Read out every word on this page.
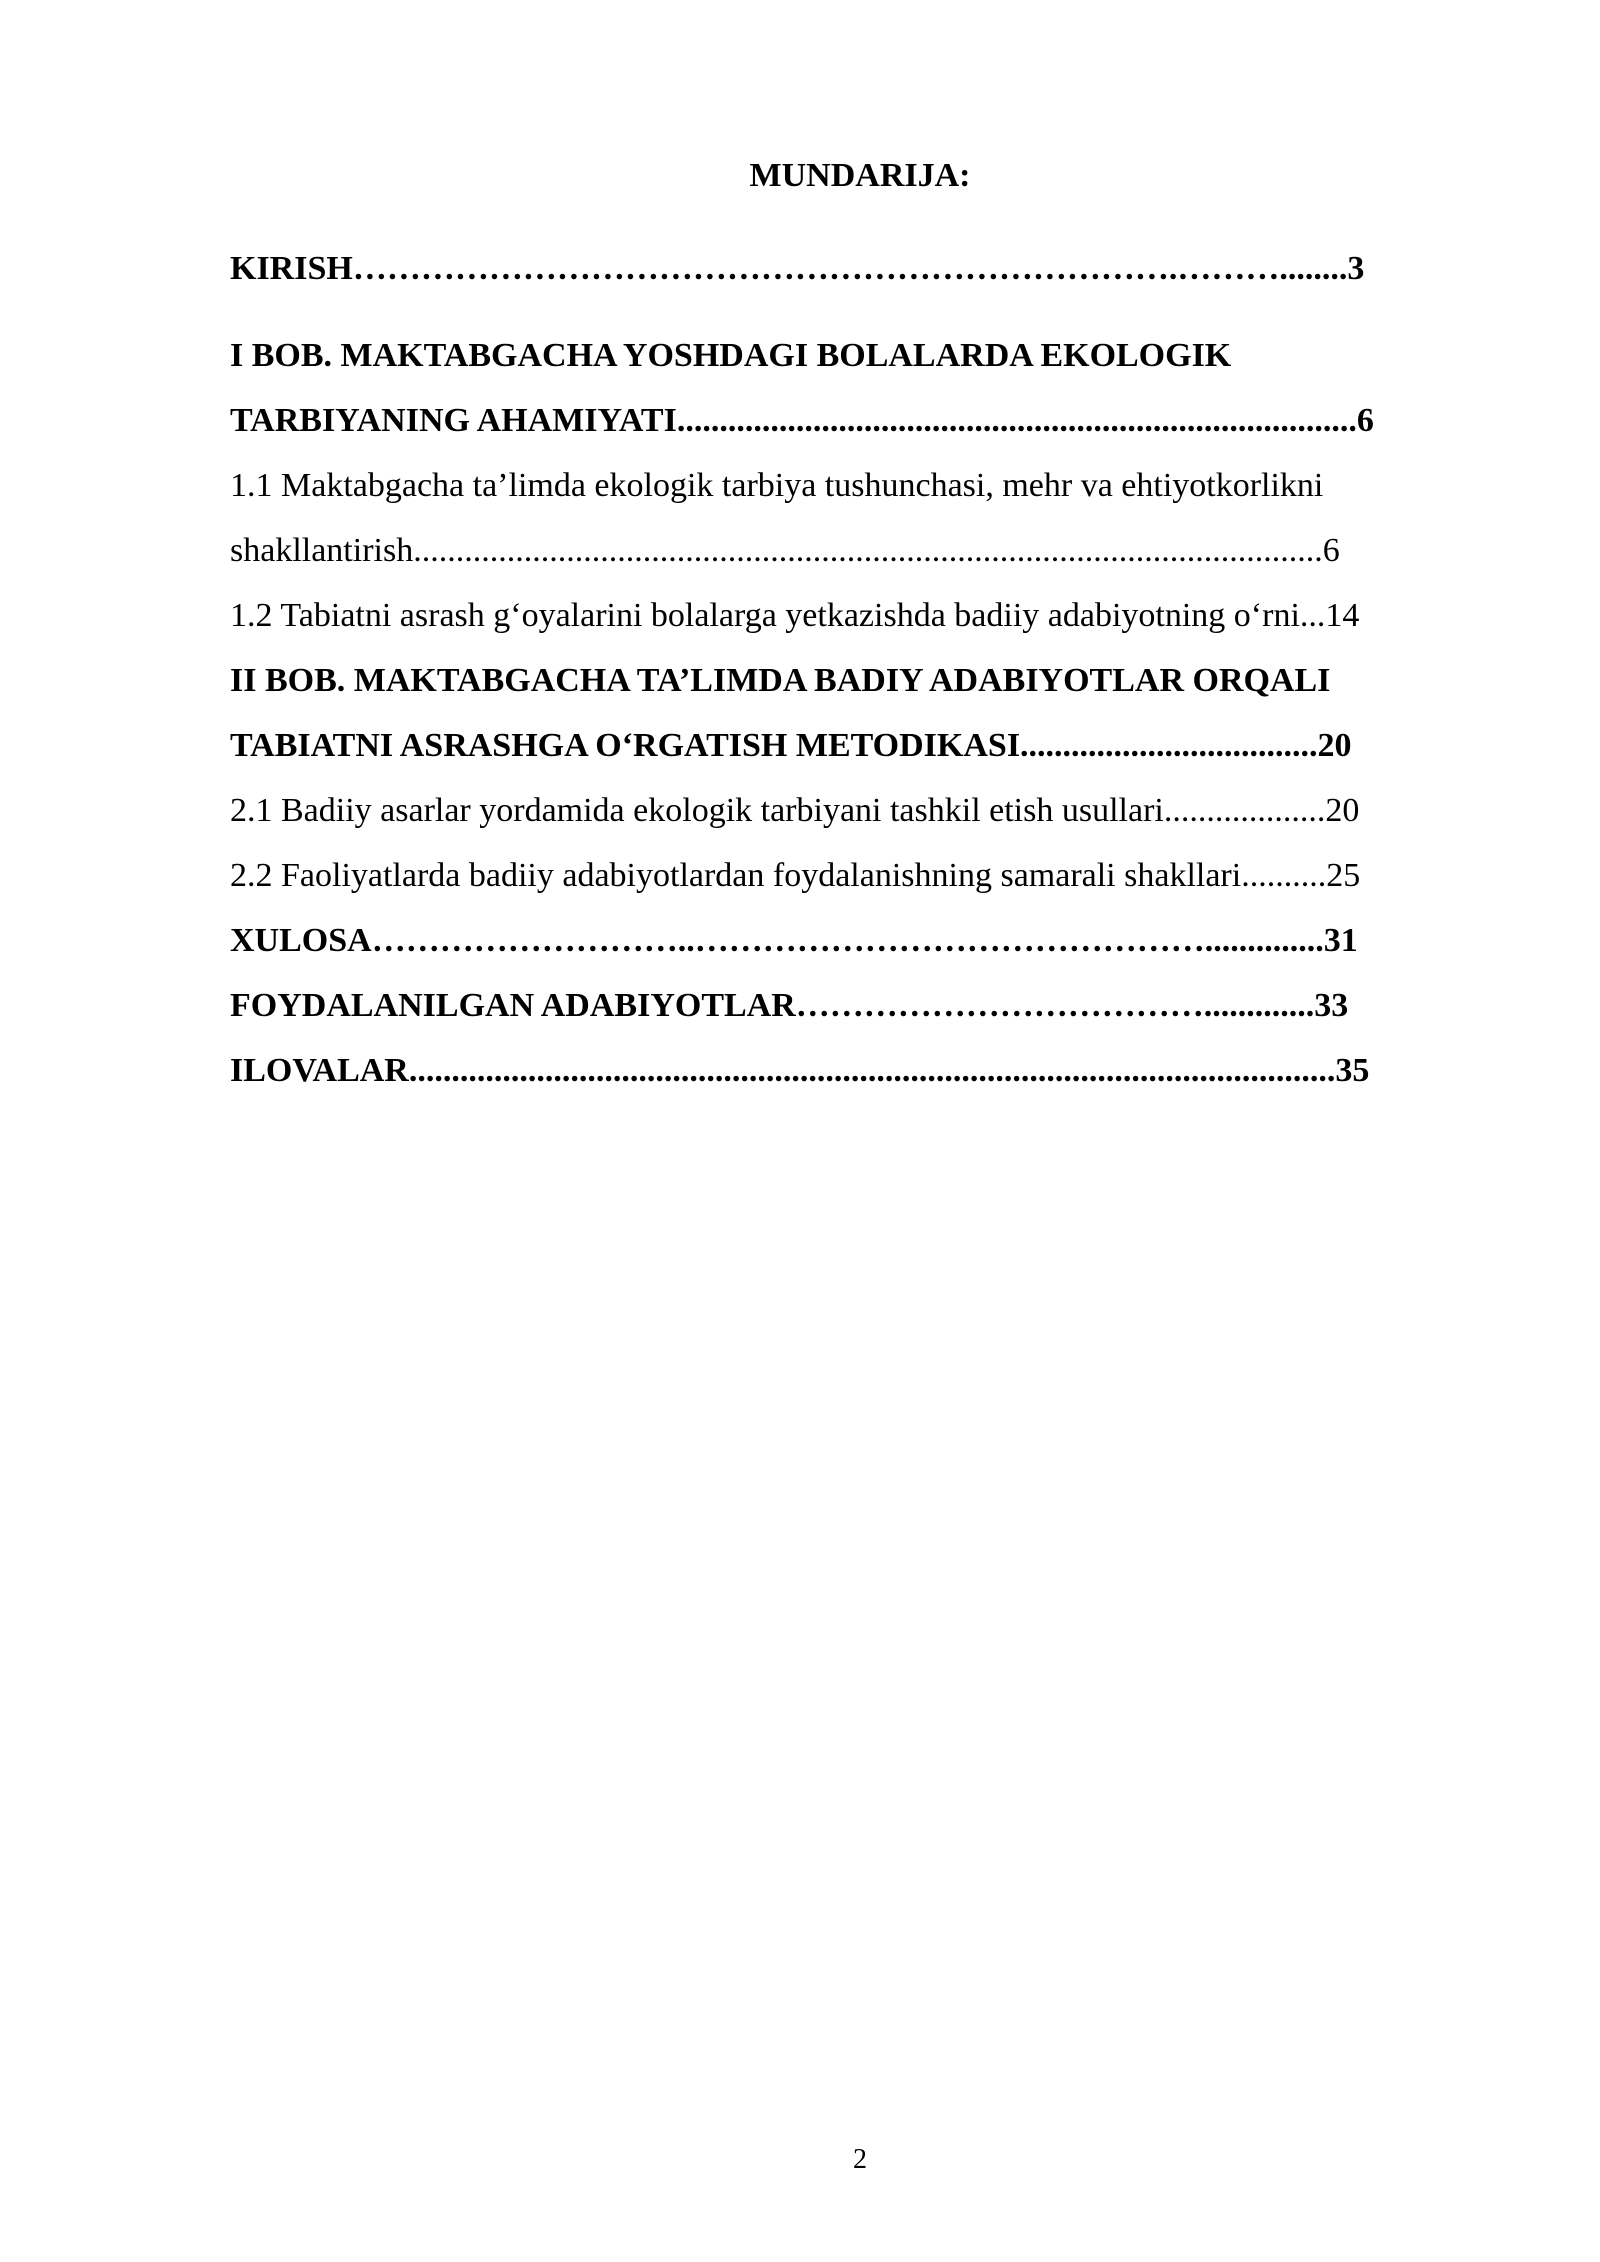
MUNDARIJA:
KIRISH……………………………………………………………….………........3
I BOB. MAKTABGACHA YOSHDAGI BOLALARDA EKOLOGIK
TARBIYANING AHAMIYATI................................................................................6
1.1 Maktabgacha ta’limda ekologik tarbiya tushunchasi, mehr va ehtiyotkorlikni
shakllantirish...........................................................................................................6
1.2 Tabiatni asrash g‘oyalarini bolalarga yetkazishda badiiy adabiyotning o‘rni...14
II BOB. MAKTABGACHA TA’LIMDA BADIY ADABIYOTLAR ORQALI
TABIATNI ASRASHGA O‘RGATISH METODIKASI...................................20
2.1 Badiiy asarlar yordamida ekologik tarbiyani tashkil etish usullari...................20
2.2 Faoliyatlarda badiiy adabiyotlardan foydalanishning samarali shakllari..........25
XULOSA………………………..………………………………………..............31
FOYDALANILGAN ADABIYOTLAR……………………………….............33
ILOVALAR.............................................................................................................35
2
